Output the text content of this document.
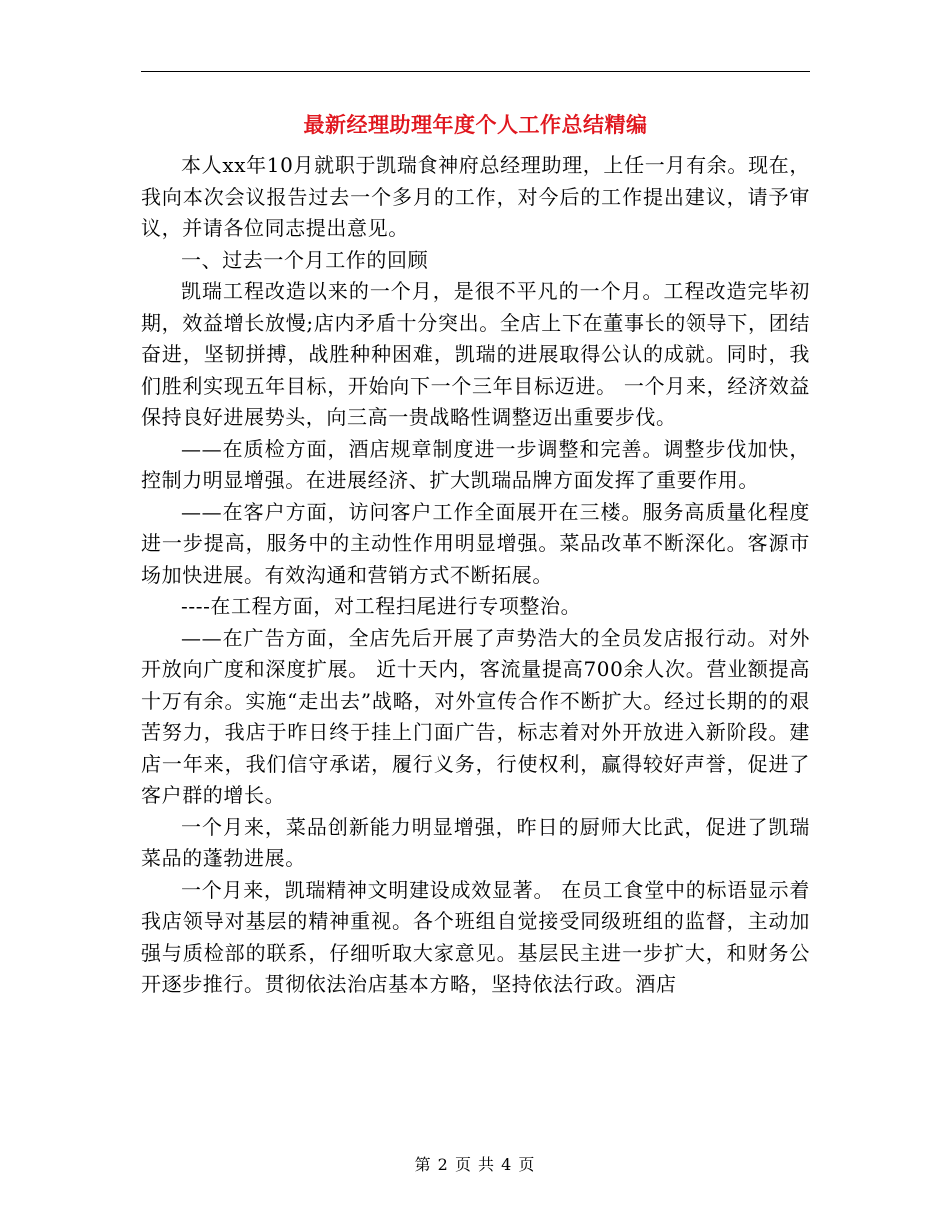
最新经理助理年度个人工作总结精编

本人xx年10月就职于凯瑞食神府总经理助理，上任一月有余。现在，我向本次会议报告过去一个多月的工作，对今后的工作提出建议，请予审议，并请各位同志提出意见。

一、过去一个月工作的回顾

凯瑞工程改造以来的一个月，是很不平凡的一个月。工程改造完毕初期，效益增长放慢;店内矛盾十分突出。全店上下在董事长的领导下，团结奋进，坚韧拼搏，战胜种种困难，凯瑞的进展取得公认的成就。同时，我们胜利实现五年目标，开始向下一个三年目标迈进。 一个月来，经济效益保持良好进展势头，向三高一贵战略性调整迈出重要步伐。

——在质检方面，酒店规章制度进一步调整和完善。调整步伐加快，控制力明显增强。在进展经济、扩大凯瑞品牌方面发挥了重要作用。

——在客户方面，访问客户工作全面展开在三楼。服务高质量化程度进一步提高，服务中的主动性作用明显增强。菜品改革不断深化。客源市场加快进展。有效沟通和营销方式不断拓展。

----在工程方面，对工程扫尾进行专项整治。

——在广告方面，全店先后开展了声势浩大的全员发店报行动。对外开放向广度和深度扩展。 近十天内，客流量提高700余人次。营业额提高十万有余。实施“走出去”战略，对外宣传合作不断扩大。经过长期的的艰苦努力，我店于昨日终于挂上门面广告，标志着对外开放进入新阶段。建店一年来，我们信守承诺，履行义务，行使权利，赢得较好声誉，促进了客户群的增长。

一个月来，菜品创新能力明显增强，昨日的厨师大比武，促进了凯瑞菜品的蓬勃进展。

一个月来，凯瑞精神文明建设成效显著。 在员工食堂中的标语显示着我店领导对基层的精神重视。各个班组自觉接受同级班组的监督，主动加强与质检部的联系，仔细听取大家意见。基层民主进一步扩大，和财务公开逐步推行。贯彻依法治店基本方略，坚持依法行政。酒店

第 2 页 共 4 页
